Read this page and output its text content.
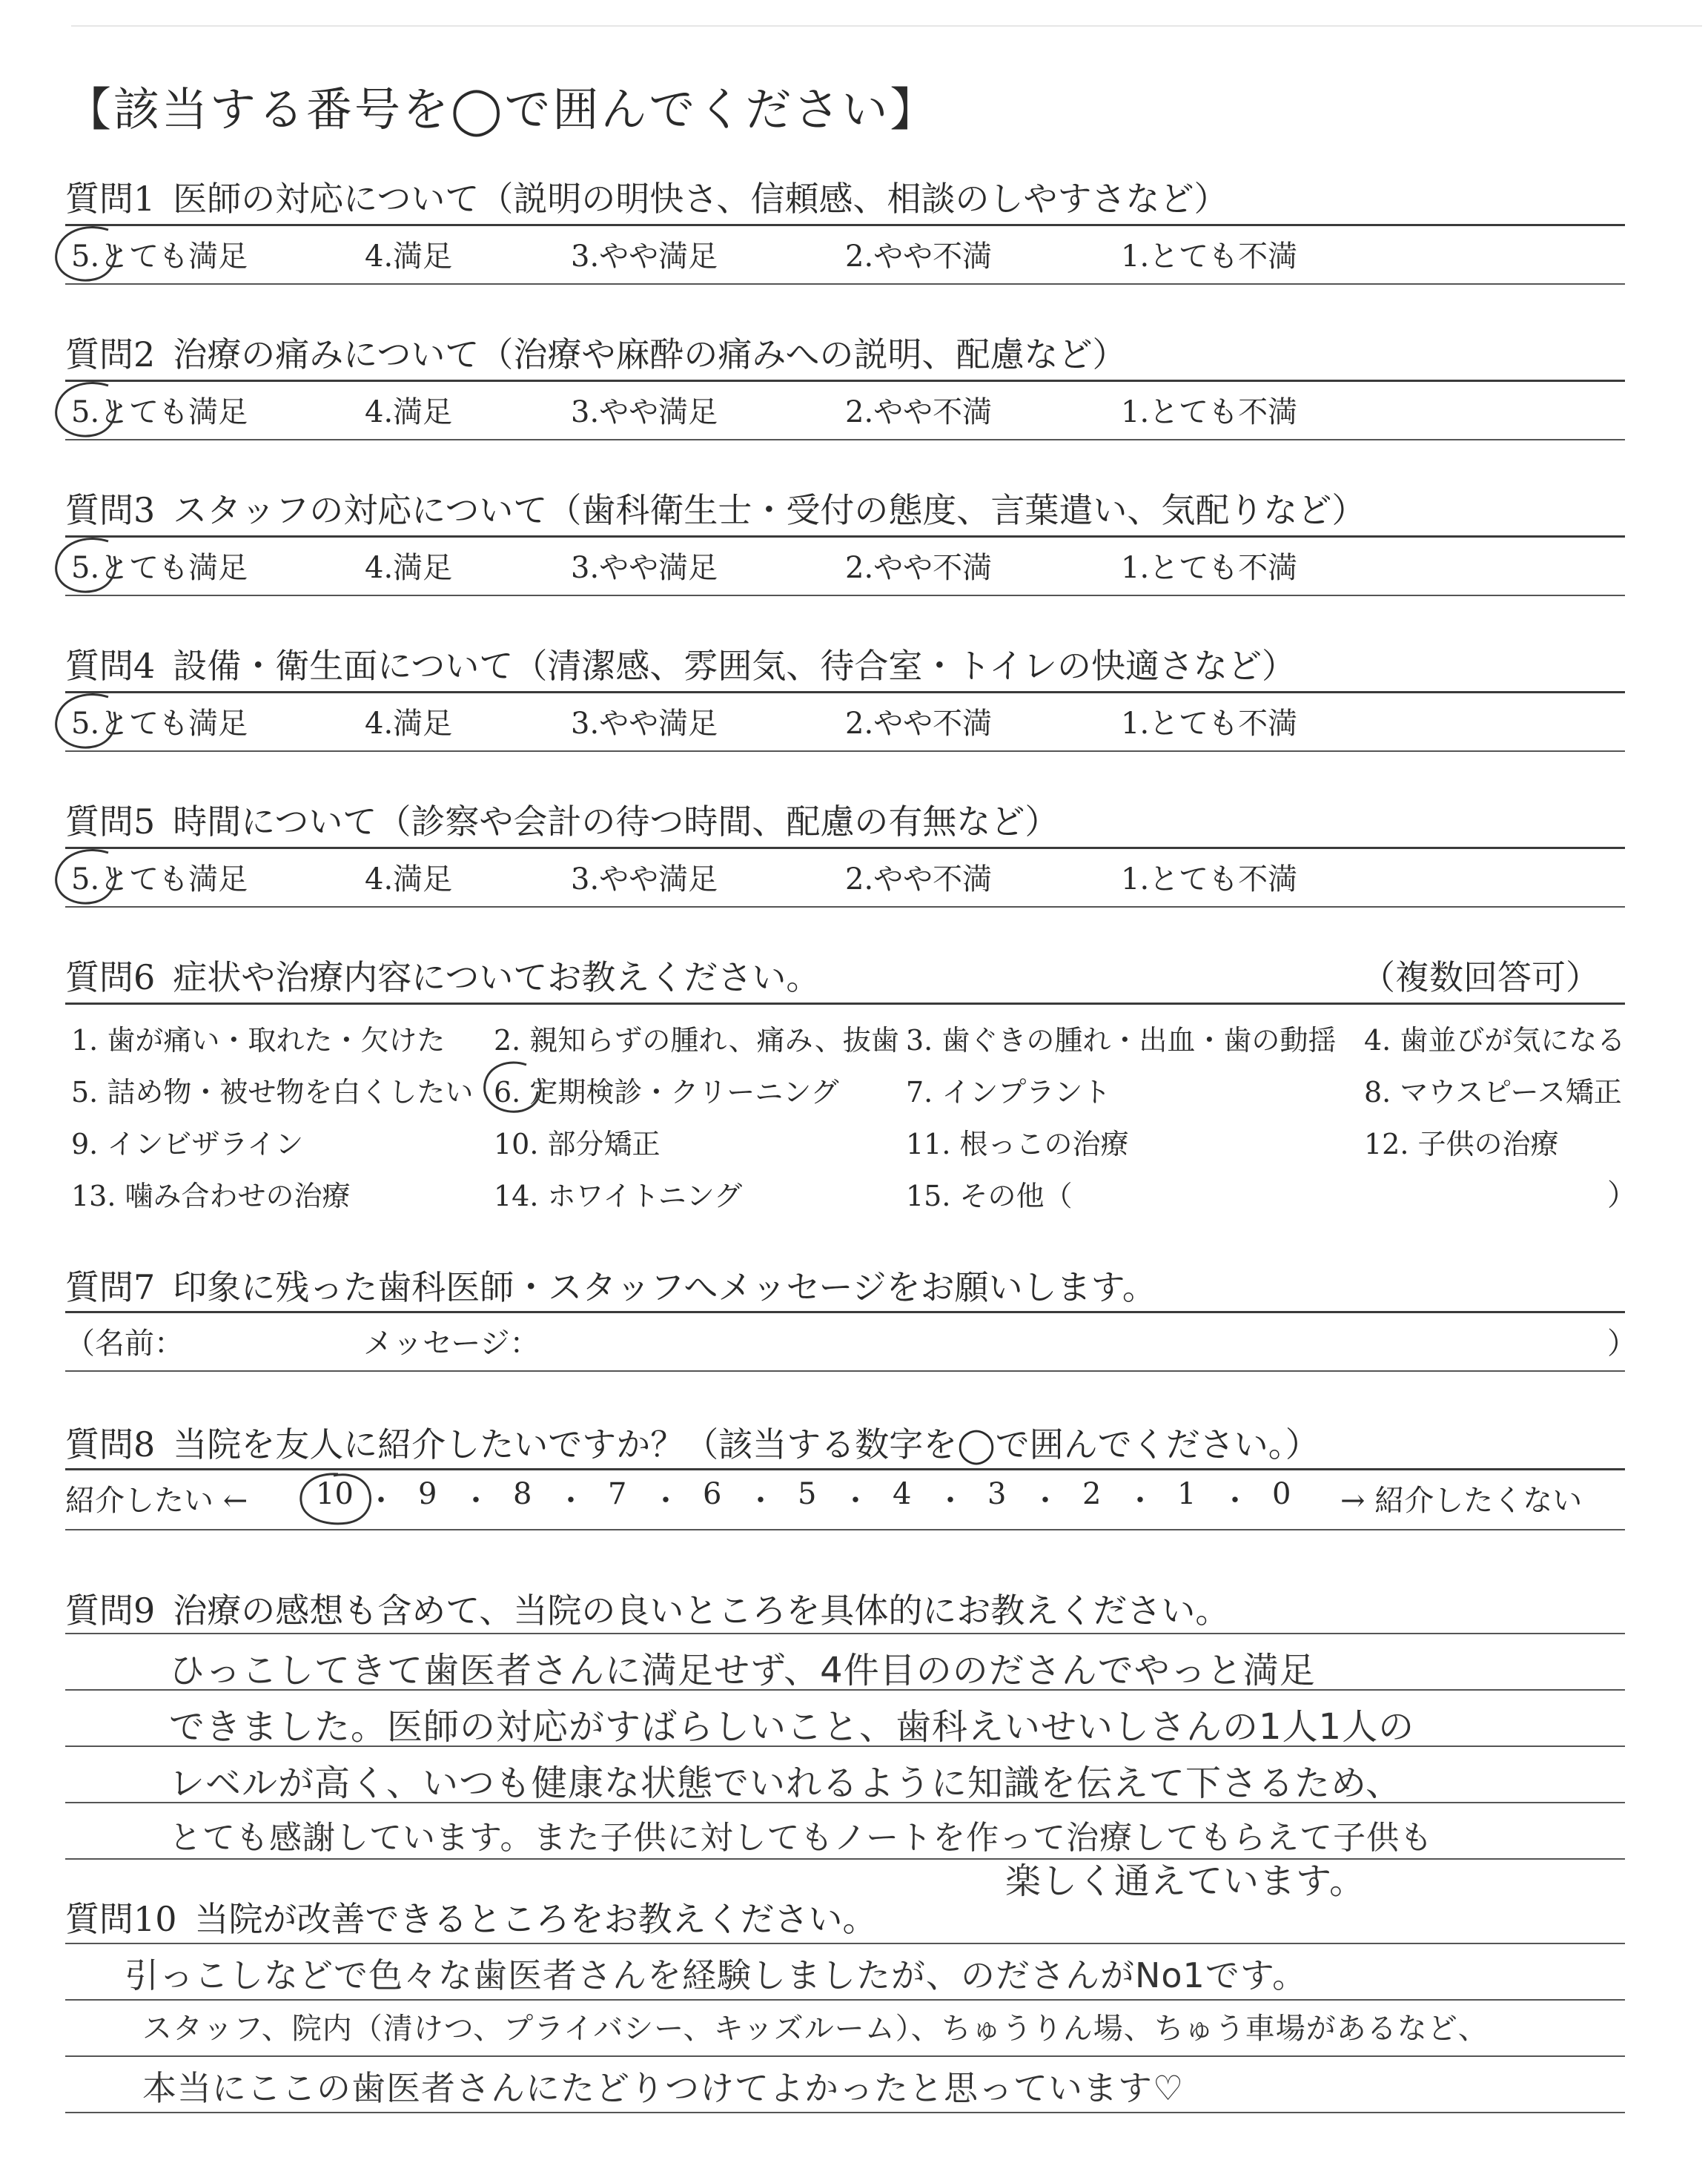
【該当する番号を◯で囲んでください】
質問1 医師の対応について（説明の明快さ、信頼感、相談のしやすさなど）
5.とても満足	4.満足	3.やや満足	2.やや不満	1.とても不満
質問2 治療の痛みについて（治療や麻酔の痛みへの説明、配慮など）
5.とても満足	4.満足	3.やや満足	2.やや不満	1.とても不満
質問3 スタッフの対応について（歯科衛生士・受付の態度、言葉遣い、気配りなど）
5.とても満足	4.満足	3.やや満足	2.やや不満	1.とても不満
質問4 設備・衛生面について（清潔感、雰囲気、待合室・トイレの快適さなど）
5.とても満足	4.満足	3.やや満足	2.やや不満	1.とても不満
質問5 時間について（診察や会計の待つ時間、配慮の有無など）
5.とても満足	4.満足	3.やや満足	2.やや不満	1.とても不満
質問6 症状や治療内容についてお教えください。	（複数回答可）
1. 歯が痛い・取れた・欠けた 2. 親知らずの腫れ、痛み、抜歯 3. 歯ぐきの腫れ・出血・歯の動揺 4. 歯並びが気になる
5. 詰め物・被せ物を白くしたい 6. 定期検診・クリーニング 7. インプラント	8. マウスピース矯正
9. インビザライン	10. 部分矯正	11. 根っこの治療	12. 子供の治療
13. 噛み合わせの治療	14. ホワイトニング	15. その他（	）
質問7 印象に残った歯科医師・スタッフへメッセージをお願いします。
（名前：	メッセージ：	）
質問8 当院を友人に紹介したいですか？（該当する数字を◯で囲んでください。）
紹介したい ←	→ 紹介したくない
10 ・ 9 ・ 8 ・ 7 ・ 6 ・ 5 ・ 4 ・ 3 ・ 2 ・ 1 ・ 0
質問9 治療の感想も含めて、当院の良いところを具体的にお教えください。
ひっこしてきて歯医者さんに満足せず、4件目ののださんでやっと満足
できました。医師の対応がすばらしいこと、歯科えいせいしさんの1人1人の
レベルが高く、いつも健康な状態でいれるように知識を伝えて下さるため、
とても感謝しています。また子供に対してもノートを作って治療してもらえて子供も
楽しく通えています。
質問10 当院が改善できるところをお教えください。
引っこしなどで色々な歯医者さんを経験しましたが、のださんがNo1です。
スタッフ、院内（清けつ、プライバシー、キッズルーム）、ちゅうりん場、ちゅう車場があるなど、
本当にここの歯医者さんにたどりつけてよかったと思っています♡
